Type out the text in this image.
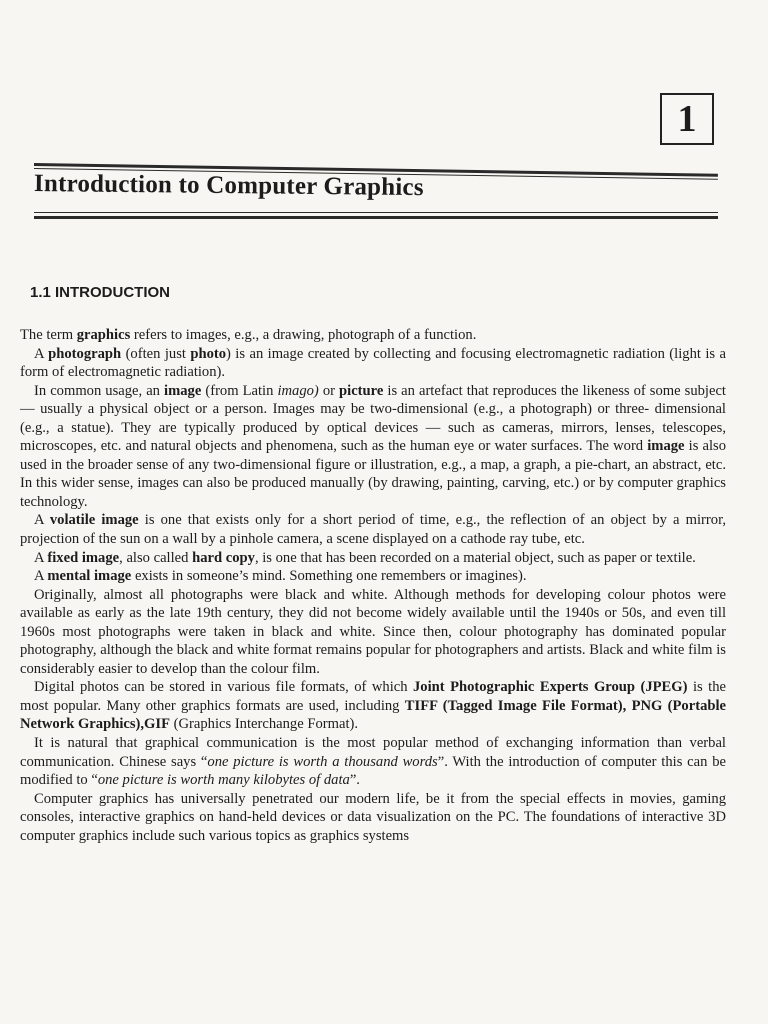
1
Introduction to Computer Graphics
1.1 INTRODUCTION

The term graphics refers to images, e.g., a drawing, photograph of a function.

A photograph (often just photo) is an image created by collecting and focusing electromagnetic radiation (light is a form of electromagnetic radiation).

In common usage, an image (from Latin imago) or picture is an artefact that reproduces the likeness of some subject — usually a physical object or a person. Images may be two-dimensional (e.g., a photograph) or three- dimensional (e.g., a statue). They are typically produced by optical devices — such as cameras, mirrors, lenses, telescopes, microscopes, etc. and natural objects and phenomena, such as the human eye or water surfaces. The word image is also used in the broader sense of any two-dimensional figure or illustration, e.g., a map, a graph, a pie-chart, an abstract, etc. In this wider sense, images can also be produced manually (by drawing, painting, carving, etc.) or by computer graphics technology.

A volatile image is one that exists only for a short period of time, e.g., the reflection of an object by a mirror, projection of the sun on a wall by a pinhole camera, a scene displayed on a cathode ray tube, etc.

A fixed image, also called hard copy, is one that has been recorded on a material object, such as paper or textile.

A mental image exists in someone’s mind. Something one remembers or imagines).

Originally, almost all photographs were black and white. Although methods for developing colour photos were available as early as the late 19th century, they did not become widely available until the 1940s or 50s, and even till 1960s most photographs were taken in black and white. Since then, colour photography has dominated popular photography, although the black and white format remains popular for photographers and artists. Black and white film is considerably easier to develop than the colour film.

Digital photos can be stored in various file formats, of which Joint Photographic Experts Group (JPEG) is the most popular. Many other graphics formats are used, including TIFF (Tagged Image File Format), PNG (Portable Network Graphics),GIF (Graphics Interchange Format).

It is natural that graphical communication is the most popular method of exchanging information than verbal communication. Chinese says “one picture is worth a thousand words”. With the introduction of computer this can be modified to “one picture is worth many kilobytes of data”.

Computer graphics has universally penetrated our modern life, be it from the special effects in movies, gaming consoles, interactive graphics on hand-held devices or data visualization on the PC. The foundations of interactive 3D computer graphics include such various topics as graphics systems
